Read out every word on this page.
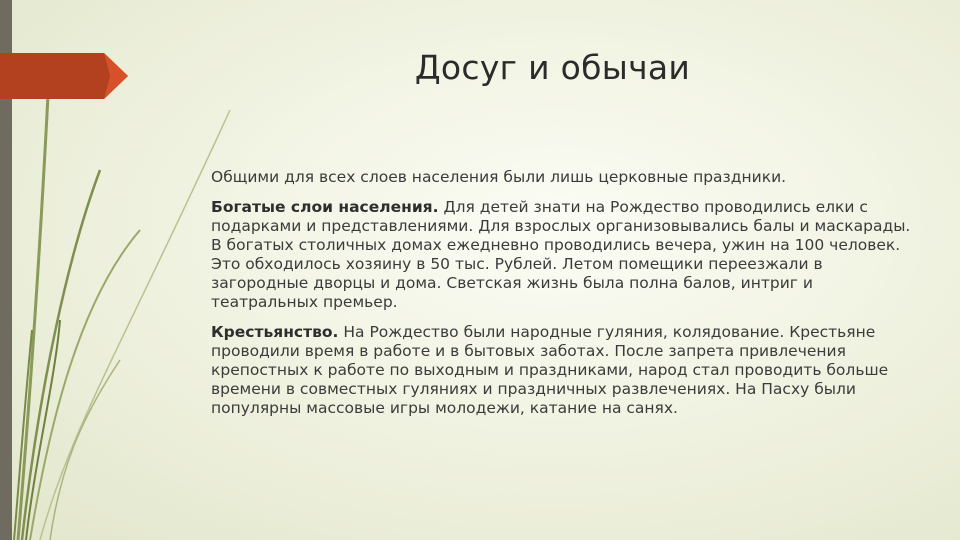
Досуг и обычаи

Общими для всех слоев населения были лишь церковные праздники.

Богатые слои населения. Для детей знати на Рождество проводились елки с подарками и представлениями. Для взрослых организовывались балы и маскарады. В богатых столичных домах ежедневно проводились вечера, ужин на 100 человек. Это обходилось хозяину в 50 тыс. Рублей. Летом помещики переезжали в загородные дворцы и дома. Светская жизнь была полна балов, интриг и театральных премьер.

Крестьянство. На Рождество были народные гуляния, колядование. Крестьяне проводили время в работе и в бытовых заботах. После запрета привлечения крепостных к работе по выходным и праздниками, народ стал проводить больше времени в совместных гуляниях и праздничных развлечениях. На Пасху были популярны массовые игры молодежи, катание на санях.
